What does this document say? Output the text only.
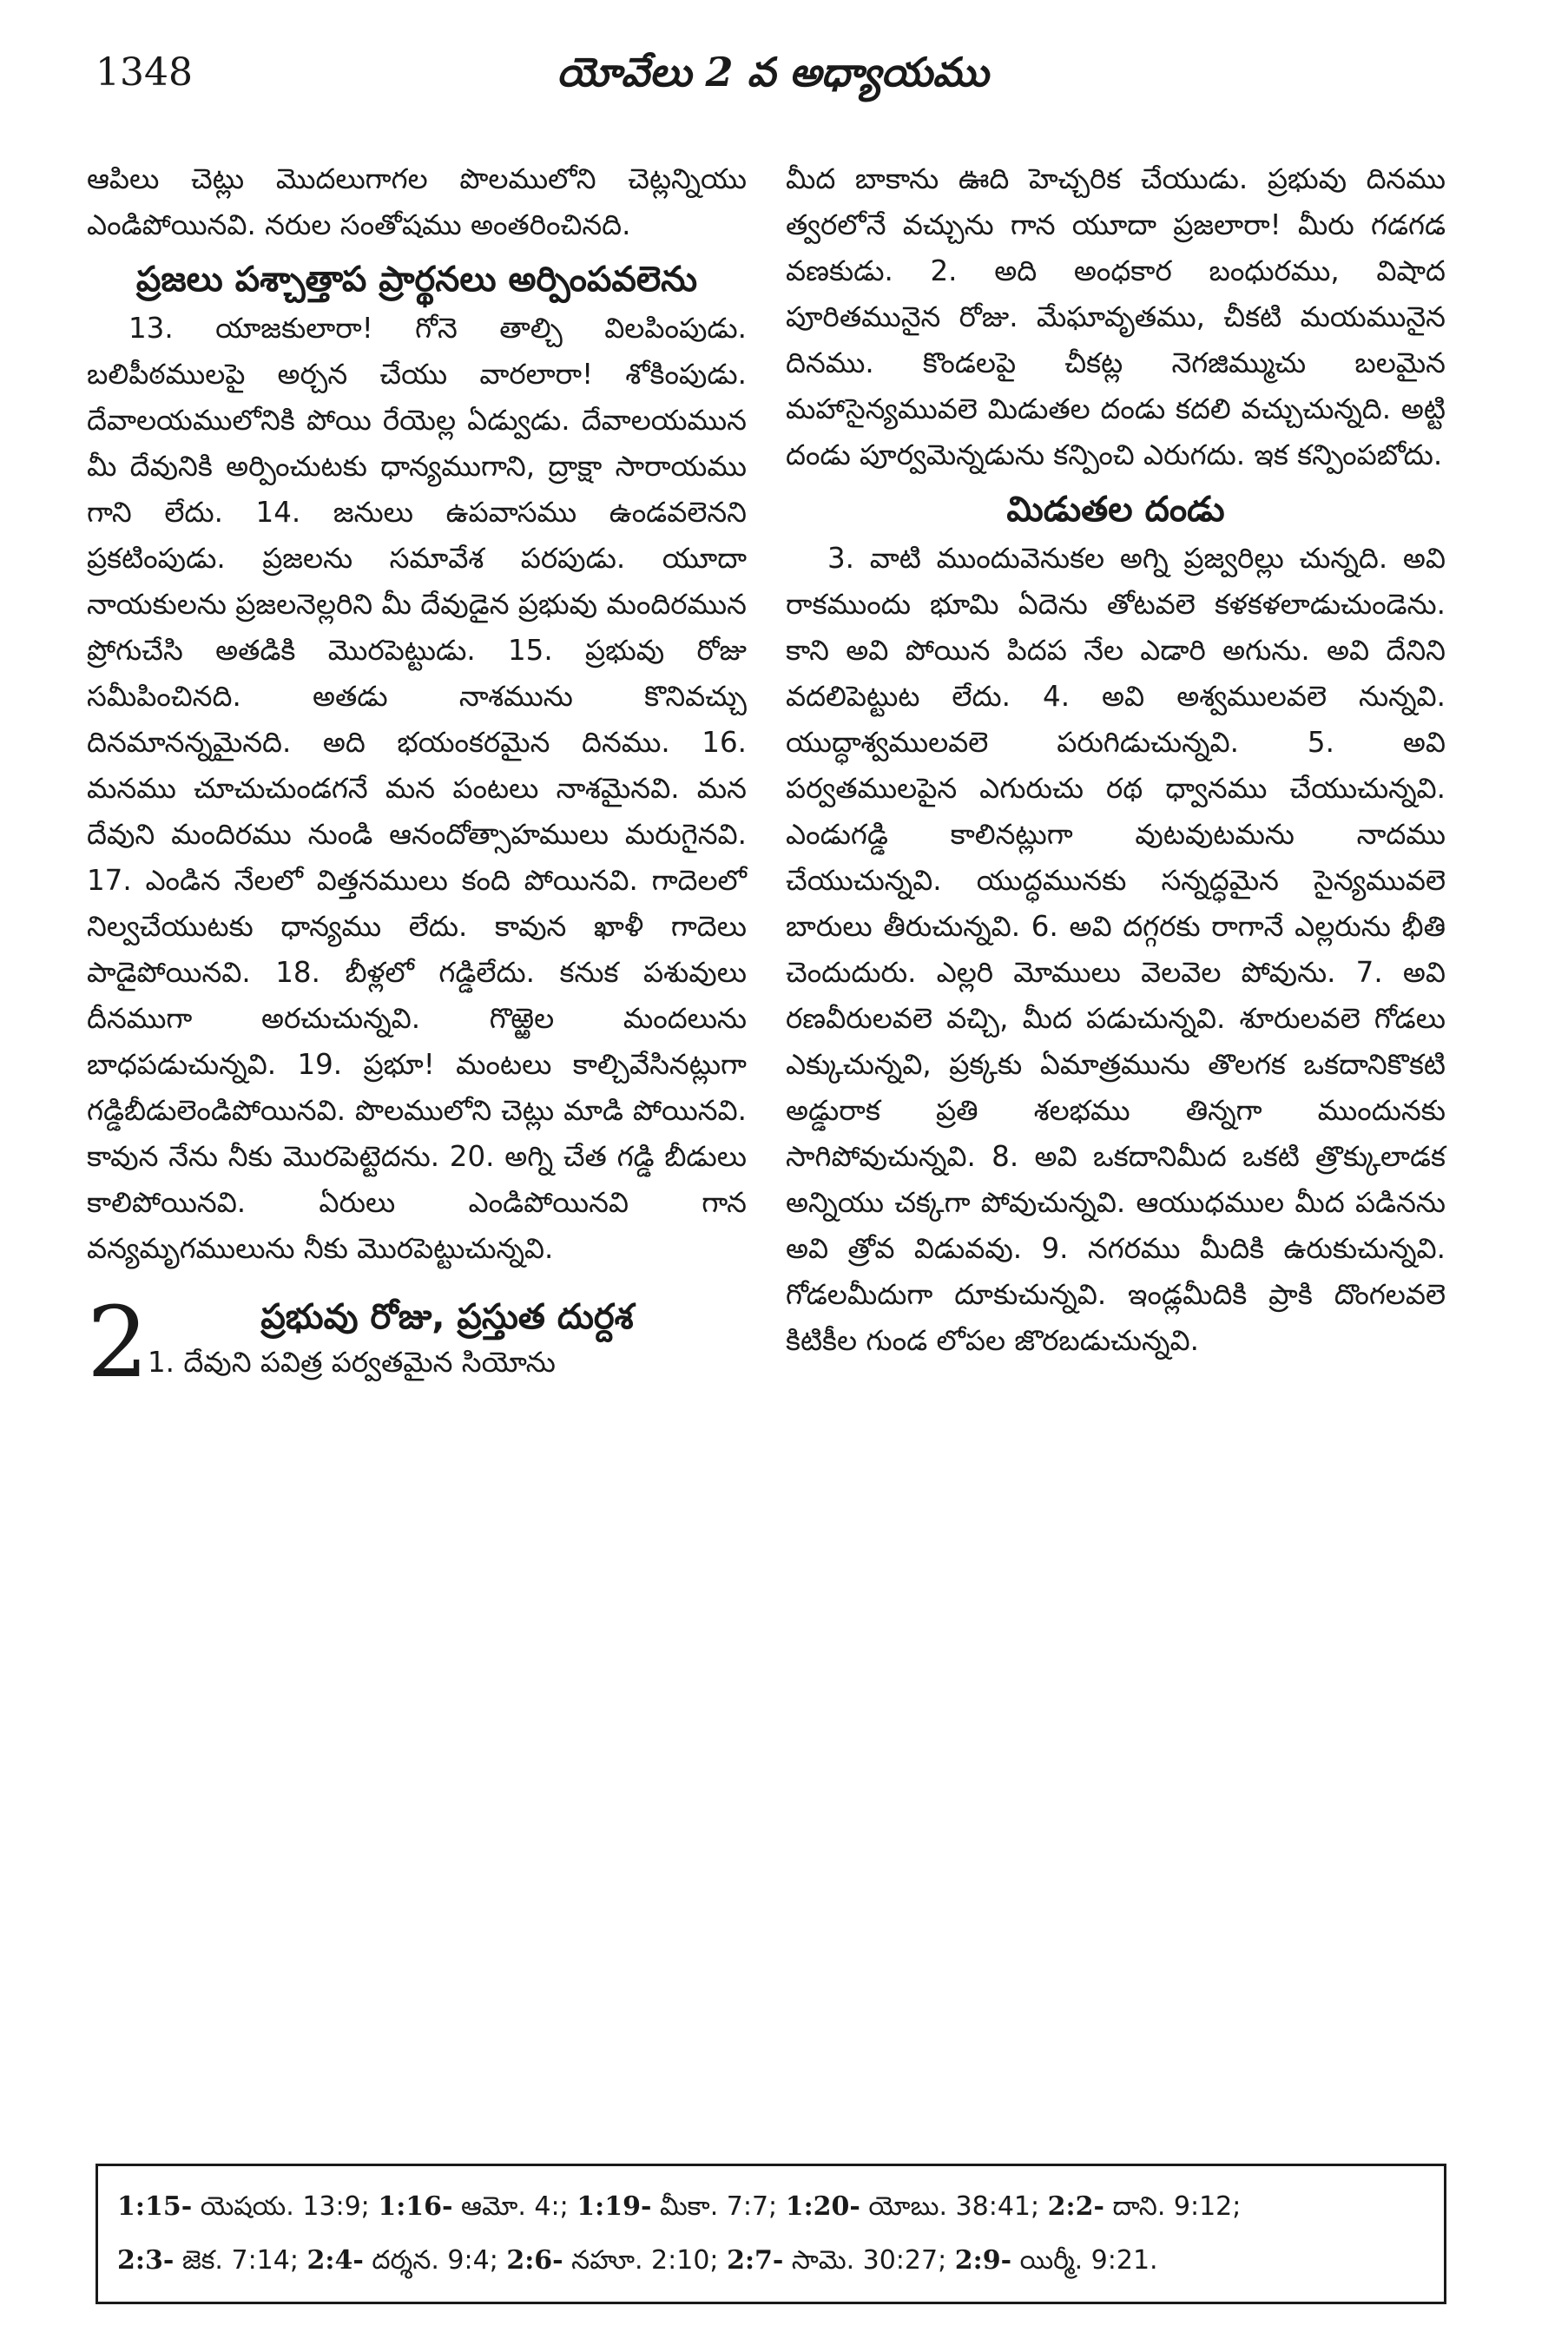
1348	యోవేలు 2 వ అధ్యాయము

ఆపిలు చెట్లు మొదలుగాగల పొలములోని చెట్లన్నియు ఎండిపోయినవి. నరుల సంతోషము అంతరించినది.

ప్రజలు పశ్చాత్తాప ప్రార్థనలు అర్పింపవలెను

13. యాజకులారా! గోనె తాల్చి విలపింపుడు. బలిపీఠములపై అర్చన చేయు వారలారా! శోకింపుడు. దేవాలయములోనికి పోయి రేయెల్ల ఏడ్వుడు. దేవాలయమున మీ దేవునికి అర్పించుటకు ధాన్యముగాని, ద్రాక్షా సారాయము గాని లేదు. 14. జనులు ఉపవాసము ఉండవలెనని ప్రకటింపుడు. ప్రజలను సమావేశ పరపుడు. యూదా నాయకులను ప్రజలనెల్లరిని మీ దేవుడైన ప్రభువు మందిరమున ప్రోగుచేసి అతడికి మొరపెట్టుడు. 15. ప్రభువు రోజు సమీపించినది. అతడు నాశమును కొనివచ్చు దినమానన్నమైనది. అది భయంకరమైన దినము. 16. మనము చూచుచుండగనే మన పంటలు నాశమైనవి. మన దేవుని మందిరము నుండి ఆనందోత్సాహములు మరుగైనవి. 17. ఎండిన నేలలో విత్తనములు కంది పోయినవి. గాదెలలో నిల్వచేయుటకు ధాన్యము లేదు. కావున ఖాళీ గాదెలు పాడైపోయినవి. 18. బీళ్లలో గడ్డిలేదు. కనుక పశువులు దీనముగా అరచుచున్నవి. గొఱ్ఱెల మందలును బాధపడుచున్నవి. 19. ప్రభూ! మంటలు కాల్చివేసినట్లుగా గడ్డిబీడులెండిపోయినవి. పొలములోని చెట్లు మాడి పోయినవి. కావున నేను నీకు మొరపెట్టెదను. 20. అగ్ని చేత గడ్డి బీడులు కాలిపోయినవి. ఏరులు ఎండిపోయినవి గాన వన్యమృగములును నీకు మొరపెట్టుచున్నవి.

ప్రభువు రోజు, ప్రస్తుత దుర్దశ
2
1. దేవుని పవిత్ర పర్వతమైన సియోను

మీద బాకాను ఊది హెచ్చరిక చేయుడు. ప్రభువు దినము త్వరలోనే వచ్చును గాన యూదా ప్రజలారా! మీరు గడగడ వణకుడు. 2. అది అంధకార బంధురము, విషాద పూరితమునైన రోజు. మేఘావృతము, చీకటి మయమునైన దినము. కొండలపై చీకట్ల నెగజిమ్ముచు బలమైన మహాసైన్యమువలె మిడుతల దండు కదలి వచ్చుచున్నది. అట్టి దండు పూర్వమెన్నడును కన్పించి ఎరుగదు. ఇక కన్పింపబోదు.

మిడుతల దండు

3. వాటి ముందువెనుకల అగ్ని ప్రజ్వరిల్లు చున్నది. అవి రాకముందు భూమి ఏదెను తోటవలె కళకళలాడుచుండెను. కాని అవి పోయిన పిదప నేల ఎడారి అగును. అవి దేనిని వదలిపెట్టుట లేదు. 4. అవి అశ్వములవలె నున్నవి. యుద్ధాశ్వములవలె పరుగిడుచున్నవి. 5. అవి పర్వతములపైన ఎగురుచు రథ ధ్వానము చేయుచున్నవి. ఎండుగడ్డి కాలినట్లుగా వుటవుటమను నాదము చేయుచున్నవి. యుద్ధమునకు సన్నద్ధమైన సైన్యమువలె బారులు తీరుచున్నవి. 6. అవి దగ్గరకు రాగానే ఎల్లరును భీతి చెందుదురు. ఎల్లరి మోములు వెలవెల పోవును. 7. అవి రణవీరులవలె వచ్చి, మీద పడుచున్నవి. శూరులవలె గోడలు ఎక్కుచున్నవి, ప్రక్కకు ఏమాత్రమును తొలగక ఒకదానికొకటి అడ్డురాక ప్రతి శలభము తిన్నగా ముందునకు సాగిపోవుచున్నవి. 8. అవి ఒకదానిమీద ఒకటి త్రొక్కులాడక అన్నియు చక్కగా పోవుచున్నవి. ఆయుధముల మీద పడినను అవి త్రోవ విడువవు. 9. నగరము మీదికి ఉరుకుచున్నవి. గోడలమీదుగా దూకుచున్నవి. ఇండ్లమీదికి ప్రాకి దొంగలవలె కిటికీల గుండ లోపల జొరబడుచున్నవి.

1:15- యెషయ. 13:9; 1:16- ఆమో. 4:; 1:19- మీకా. 7:7; 1:20- యోబు. 38:41; 2:2- దాని. 9:12;
2:3- జెక. 7:14; 2:4- దర్శన. 9:4; 2:6- నహూ. 2:10; 2:7- సామె. 30:27; 2:9- యిర్మీ. 9:21.
